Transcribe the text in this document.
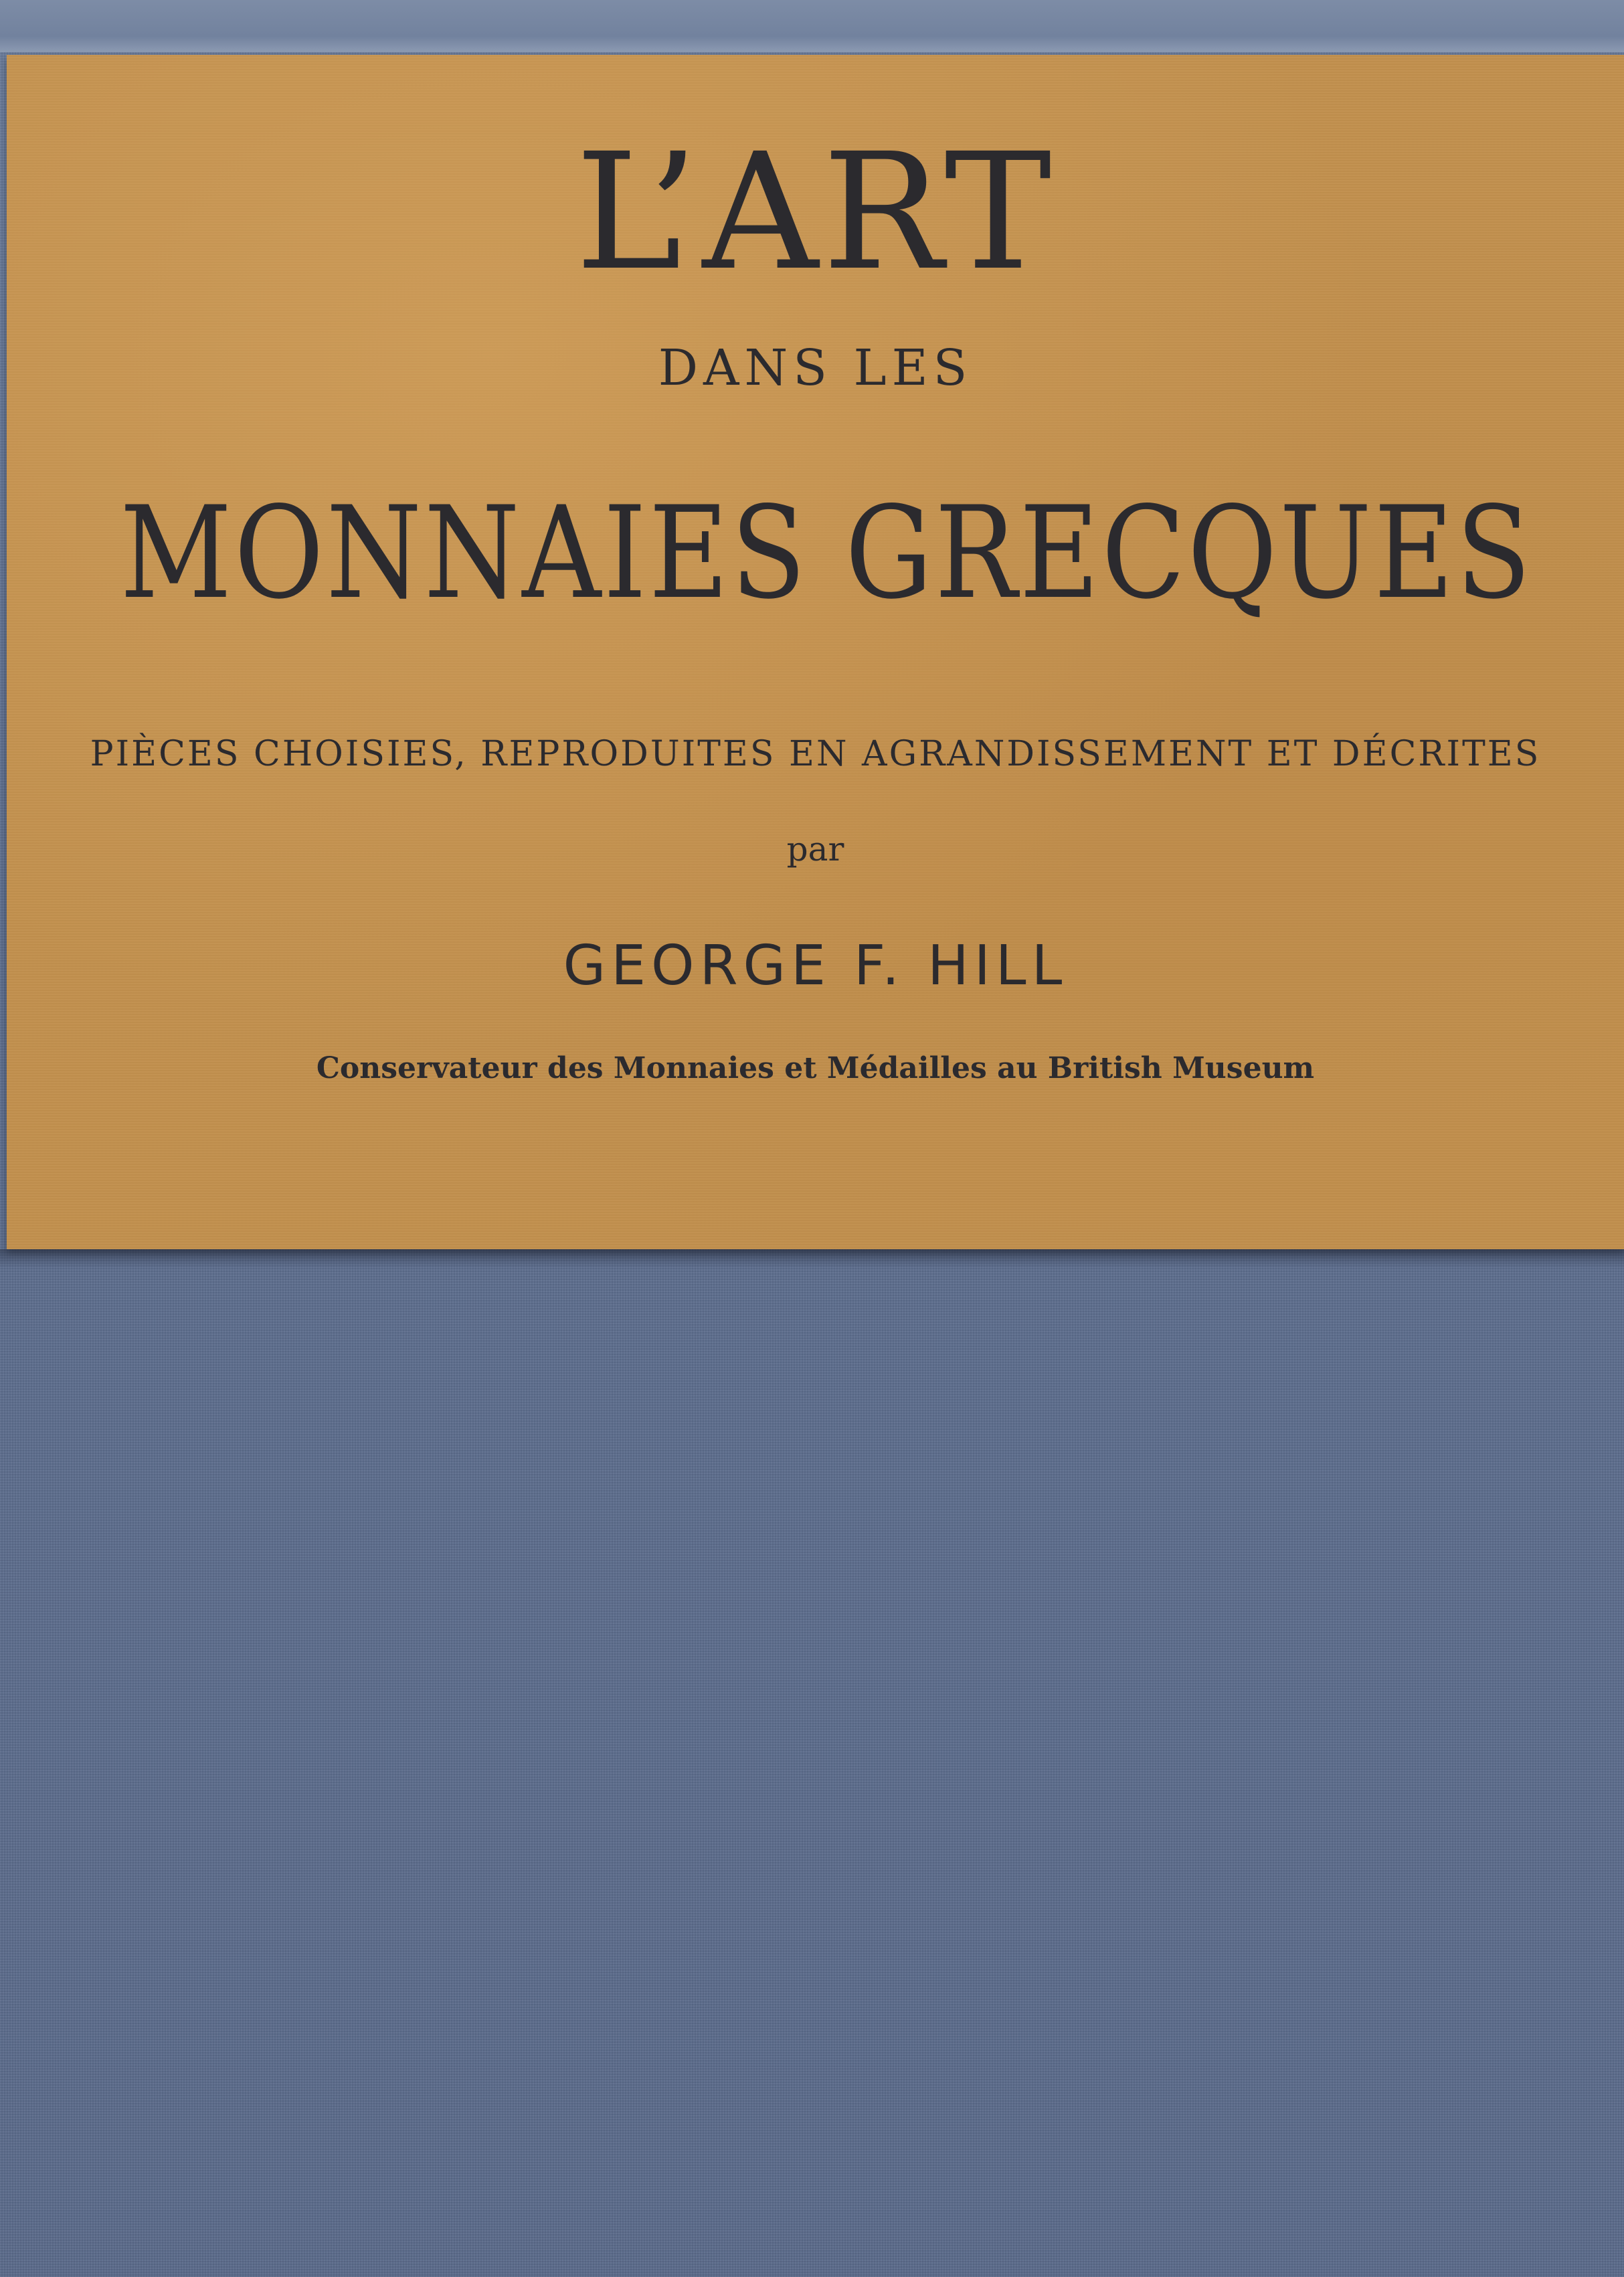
L’ART
DANS LES
MONNAIES GRECQUES
PIÈCES CHOISIES, REPRODUITES EN AGRANDISSEMENT ET DÉCRITES
par
GEORGE F. HILL
Conservateur des Monnaies et Médailles au British Museum
